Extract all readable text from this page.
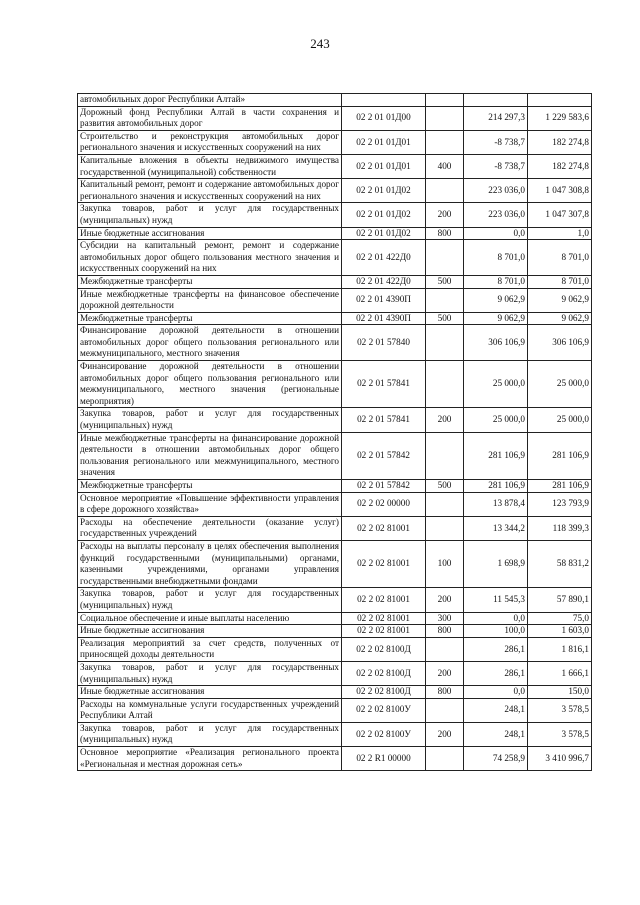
243
автомобильных дорог Республики Алтай»				
Дорожный фонд Республики Алтай в части сохранения и развития автомобильных дорог	02 2 01 01Д00		214 297,3	1 229 583,6
Строительство и реконструкция автомобильных дорог регионального значения и искусственных сооружений на них	02 2 01 01Д01		-8 738,7	182 274,8
Капитальные вложения в объекты недвижимого имущества государственной (муниципальной) собственности	02 2 01 01Д01	400	-8 738,7	182 274,8
Капитальный ремонт, ремонт и содержание автомобильных дорог регионального значения и искусственных сооружений на них	02 2 01 01Д02		223 036,0	1 047 308,8
Закупка товаров, работ и услуг для государственных (муниципальных) нужд	02 2 01 01Д02	200	223 036,0	1 047 307,8
Иные бюджетные ассигнования	02 2 01 01Д02	800	0,0	1,0
Субсидии на капитальный ремонт, ремонт и содержание автомобильных дорог общего пользования местного значения и искусственных сооружений на них	02 2 01 422Д0		8 701,0	8 701,0
Межбюджетные трансферты	02 2 01 422Д0	500	8 701,0	8 701,0
Иные межбюджетные трансферты на финансовое обеспечение дорожной деятельности	02 2 01 4390П		9 062,9	9 062,9
Межбюджетные трансферты	02 2 01 4390П	500	9 062,9	9 062,9
Финансирование дорожной деятельности в отношении автомобильных дорог общего пользования регионального или межмуниципального, местного значения	02 2 01 57840		306 106,9	306 106,9
Финансирование дорожной деятельности в отношении автомобильных дорог общего пользования регионального или межмуниципального, местного значения (региональные мероприятия)	02 2 01 57841		25 000,0	25 000,0
Закупка товаров, работ и услуг для государственных (муниципальных) нужд	02 2 01 57841	200	25 000,0	25 000,0
Иные межбюджетные трансферты на финансирование дорожной деятельности в отношении автомобильных дорог общего пользования регионального или межмуниципального, местного значения	02 2 01 57842		281 106,9	281 106,9
Межбюджетные трансферты	02 2 01 57842	500	281 106,9	281 106,9
Основное мероприятие «Повышение эффективности управления в сфере дорожного хозяйства»	02 2 02 00000		13 878,4	123 793,9
Расходы на обеспечение деятельности (оказание услуг) государственных учреждений	02 2 02 81001		13 344,2	118 399,3
Расходы на выплаты персоналу в целях обеспечения выполнения функций государственными (муниципальными) органами, казенными учреждениями, органами управления государственными внебюджетными фондами	02 2 02 81001	100	1 698,9	58 831,2
Закупка товаров, работ и услуг для государственных (муниципальных) нужд	02 2 02 81001	200	11 545,3	57 890,1
Социальное обеспечение и иные выплаты населению	02 2 02 81001	300	0,0	75,0
Иные бюджетные ассигнования	02 2 02 81001	800	100,0	1 603,0
Реализация мероприятий за счет средств, полученных от приносящей доходы деятельности	02 2 02 8100Д		286,1	1 816,1
Закупка товаров, работ и услуг для государственных (муниципальных) нужд	02 2 02 8100Д	200	286,1	1 666,1
Иные бюджетные ассигнования	02 2 02 8100Д	800	0,0	150,0
Расходы на коммунальные услуги государственных учреждений Республики Алтай	02 2 02 8100У		248,1	3 578,5
Закупка товаров, работ и услуг для государственных (муниципальных) нужд	02 2 02 8100У	200	248,1	3 578,5
Основное мероприятие «Реализация регионального проекта «Региональная и местная дорожная сеть»	02 2 R1 00000		74 258,9	3 410 996,7
